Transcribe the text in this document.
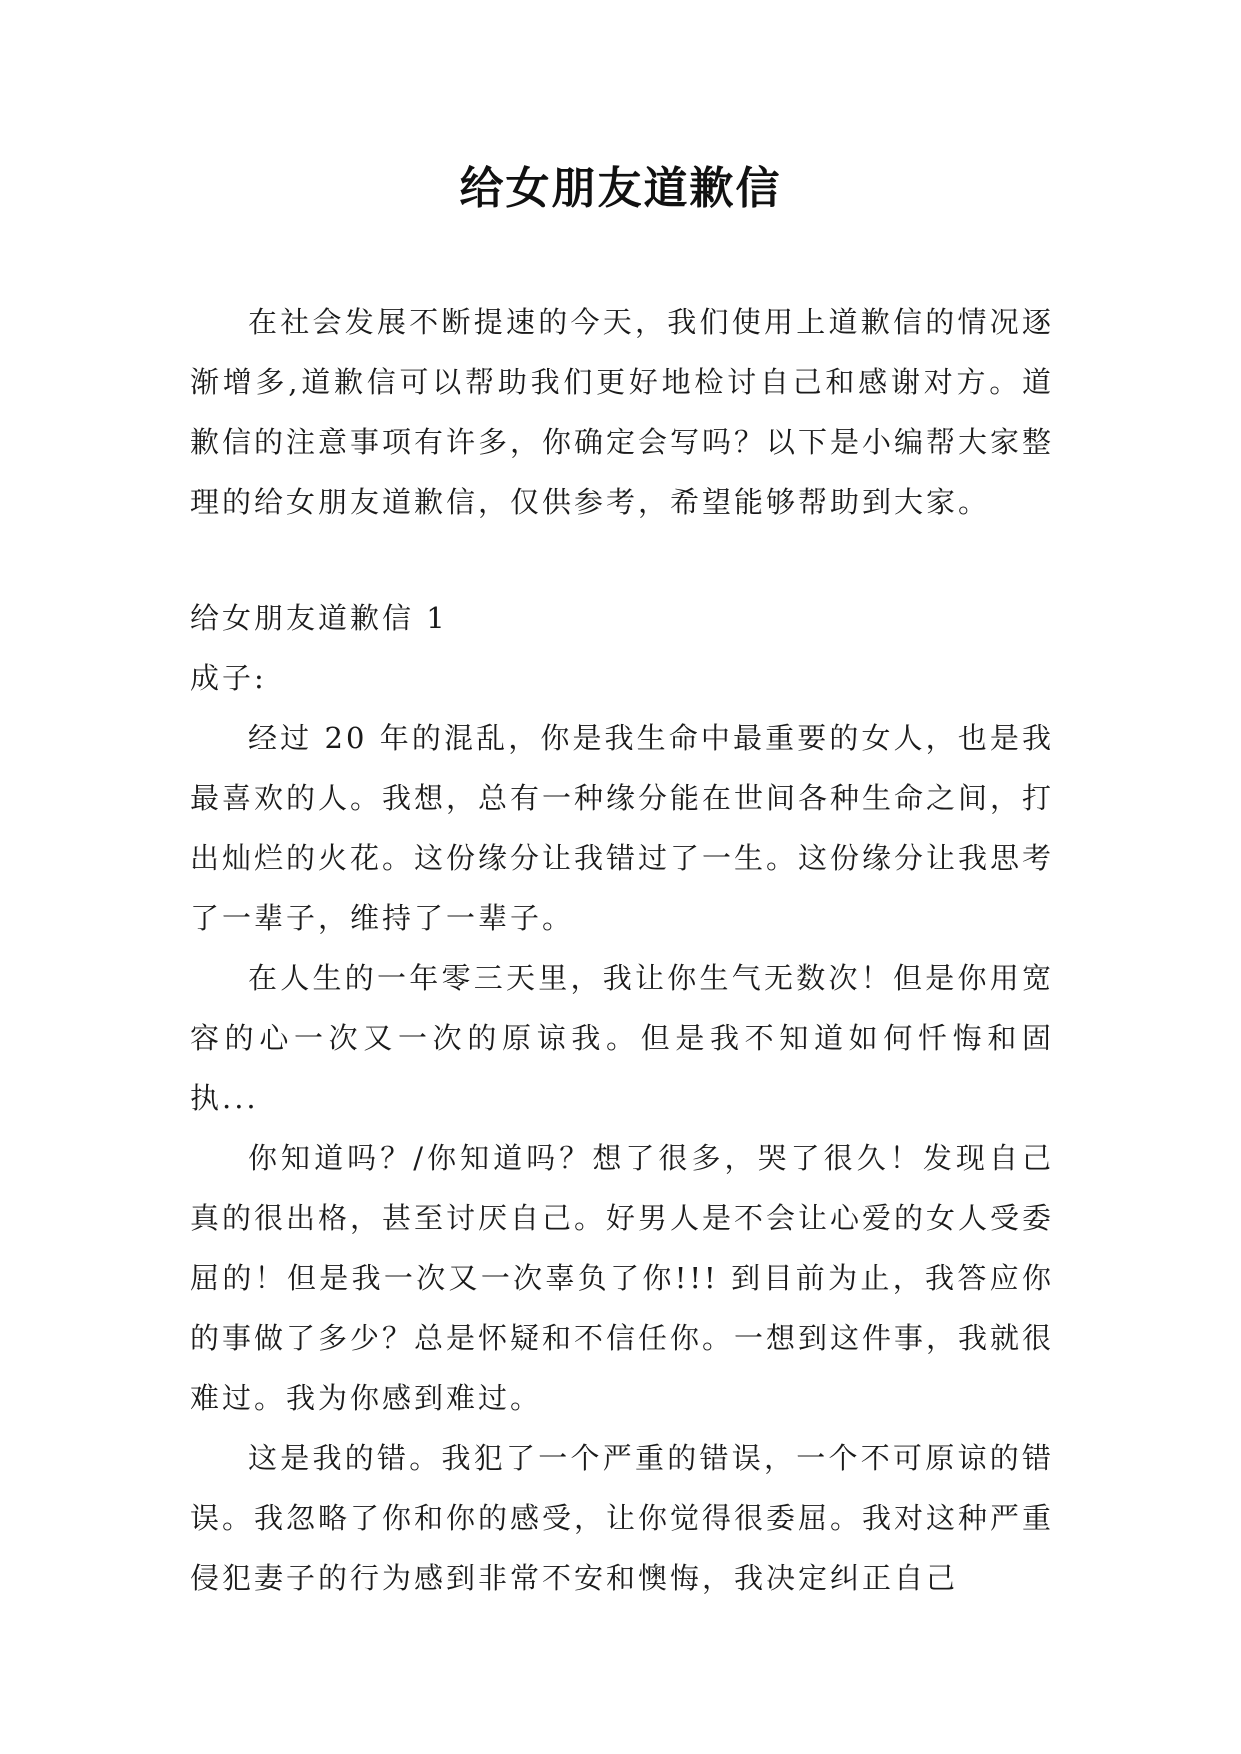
给女朋友道歉信

在社会发展不断提速的今天，我们使用上道歉信的情况逐渐增多,道歉信可以帮助我们更好地检讨自己和感谢对方。道歉信的注意事项有许多，你确定会写吗？以下是小编帮大家整理的给女朋友道歉信，仅供参考，希望能够帮助到大家。

给女朋友道歉信 1

成子:

经过 20 年的混乱，你是我生命中最重要的女人，也是我最喜欢的人。我想，总有一种缘分能在世间各种生命之间，打出灿烂的火花。这份缘分让我错过了一生。这份缘分让我思考了一辈子，维持了一辈子。

在人生的一年零三天里，我让你生气无数次！但是你用宽容的心一次又一次的原谅我。但是我不知道如何忏悔和固执...

你知道吗？/你知道吗？想了很多，哭了很久！发现自己真的很出格，甚至讨厌自己。好男人是不会让心爱的女人受委屈的！但是我一次又一次辜负了你!!! 到目前为止，我答应你的事做了多少？总是怀疑和不信任你。一想到这件事，我就很难过。我为你感到难过。

这是我的错。我犯了一个严重的错误，一个不可原谅的错误。我忽略了你和你的感受，让你觉得很委屈。我对这种严重侵犯妻子的行为感到非常不安和懊悔，我决定纠正自己
